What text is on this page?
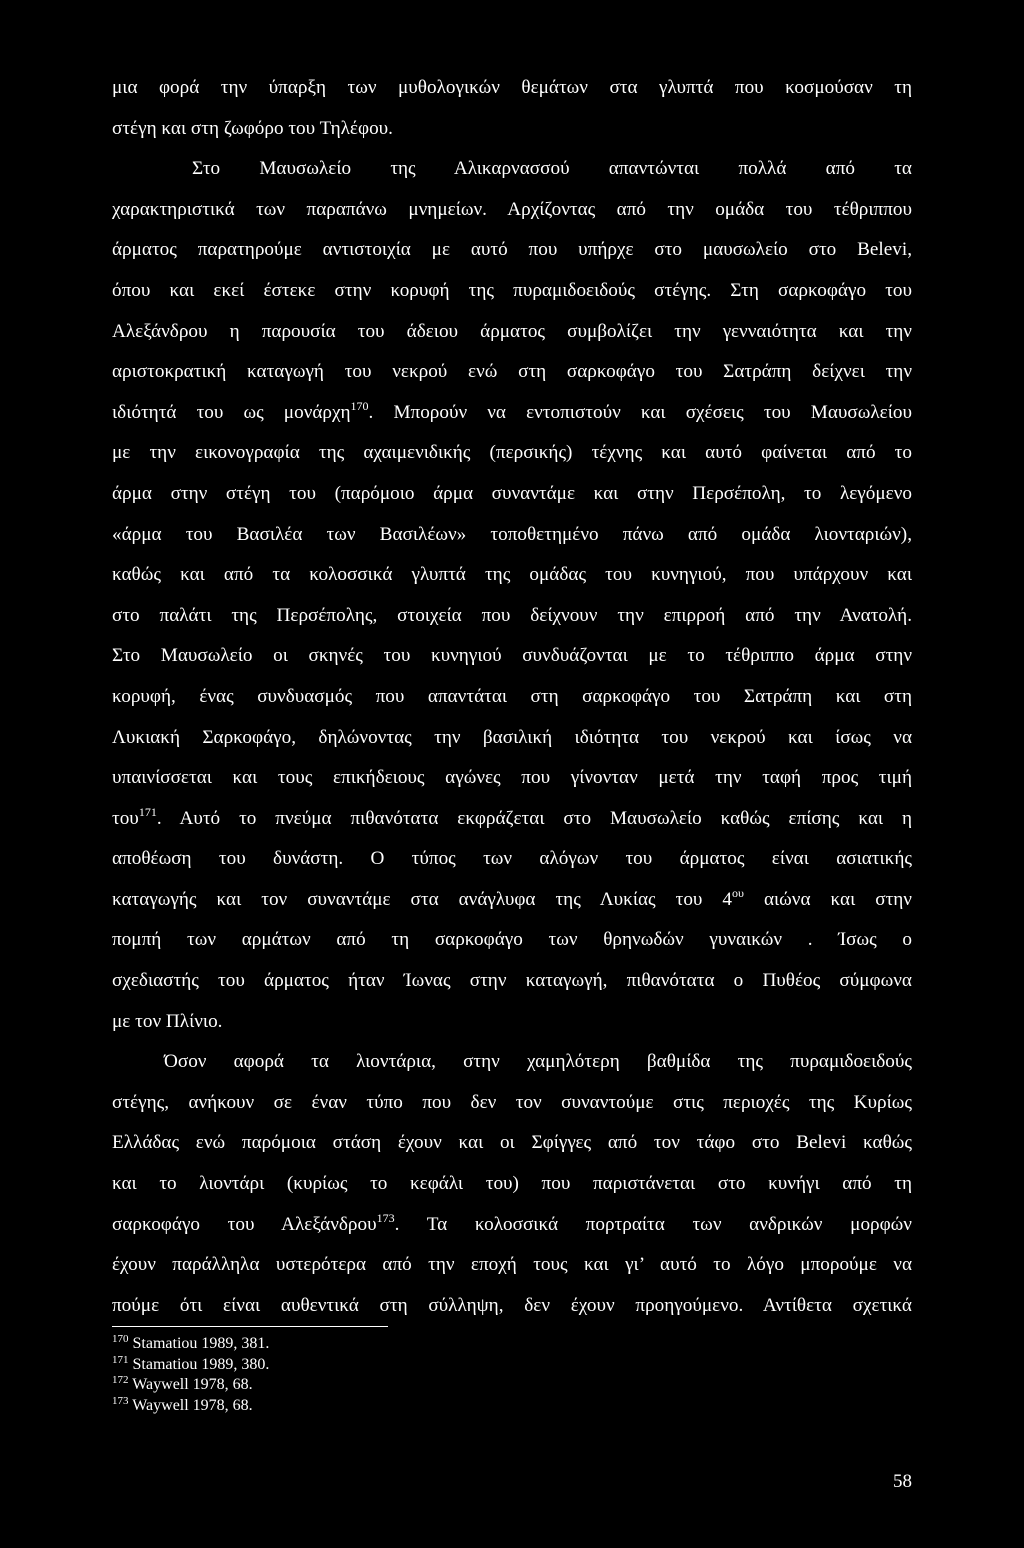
μια φορά την ύπαρξη των μυθολογικών θεμάτων στα γλυπτά που κοσμούσαν τη
στέγη και στη ζωφόρο του Τηλέφου.
Στο Μαυσωλείο της Αλικαρνασσού απαντώνται πολλά από τα
χαρακτηριστικά των παραπάνω μνημείων. Αρχίζοντας από την ομάδα του τέθριππου
άρματος παρατηρούμε αντιστοιχία με αυτό που υπήρχε στο μαυσωλείο στο Belevi,
όπου και εκεί έστεκε στην κορυφή της πυραμιδοειδούς στέγης. Στη σαρκοφάγο του
Αλεξάνδρου η παρουσία του άδειου άρματος συμβολίζει την γενναιότητα και την
αριστοκρατική καταγωγή του νεκρού ενώ στη σαρκοφάγο του Σατράπη δείχνει την
ιδιότητά του ως μονάρχη$^{170}$. Μπορούν να εντοπιστούν και σχέσεις του Μαυσωλείου
με την εικονογραφία της αχαιμενιδικής (περσικής) τέχνης και αυτό φαίνεται από το
άρμα στην στέγη του (παρόμοιο άρμα συναντάμε και στην Περσέπολη, το λεγόμενο
«άρμα του Βασιλέα των Βασιλέων» τοποθετημένο πάνω από ομάδα λιονταριών),
καθώς και από τα κολοσσικά γλυπτά της ομάδας του κυνηγιού, που υπάρχουν και
στο παλάτι της Περσέπολης, στοιχεία που δείχνουν την επιρροή από την Ανατολή.
Στο Μαυσωλείο οι σκηνές του κυνηγιού συνδυάζονται με το τέθριππο άρμα στην
κορυφή, ένας συνδυασμός που απαντάται στη σαρκοφάγο του Σατράπη και στη
Λυκιακή Σαρκοφάγο, δηλώνοντας την βασιλική ιδιότητα του νεκρού και ίσως να
υπαινίσσεται και τους επικήδειους αγώνες που γίνονταν μετά την ταφή προς τιμή
του$^{171}$. Αυτό το πνεύμα πιθανότατα εκφράζεται στο Μαυσωλείο καθώς επίσης και η
αποθέωση του δυνάστη. Ο τύπος των αλόγων του άρματος είναι ασιατικής
καταγωγής και τον συναντάμε στα ανάγλυφα της Λυκίας του $4^{o\upsilon}$ αιώνα και στην
πομπή των αρμάτων από τη σαρκοφάγο των θρηνωδών γυναικών . Ίσως ο
σχεδιαστής του άρματος ήταν Ίωνας στην καταγωγή, πιθανότατα ο Πυθέος σύμφωνα
με τον Πλίνιο.
Όσον αφορά τα λιοντάρια, στην χαμηλότερη βαθμίδα της πυραμιδοειδούς
στέγης, ανήκουν σε έναν τύπο που δεν τον συναντούμε στις περιοχές της Κυρίως
Ελλάδας ενώ παρόμοια στάση έχουν και οι Σφίγγες από τον τάφο στο Belevi καθώς
και το λιοντάρι (κυρίως το κεφάλι του) που παριστάνεται στο κυνήγι από τη
σαρκοφάγο του Αλεξάνδρου$^{173}$. Τα κολοσσικά πορτραίτα των ανδρικών μορφών
έχουν παράλληλα υστερότερα από την εποχή τους και γι’ αυτό το λόγο μπορούμε να
πούμε ότι είναι αυθεντικά στη σύλληψη, δεν έχουν προηγούμενο. Αντίθετα σχετικά
$^{170}$ Stamatiou 1989, 381.
$^{171}$ Stamatiou 1989, 380.
$^{172}$ Waywell 1978, 68.
$^{173}$ Waywell 1978, 68.
58
